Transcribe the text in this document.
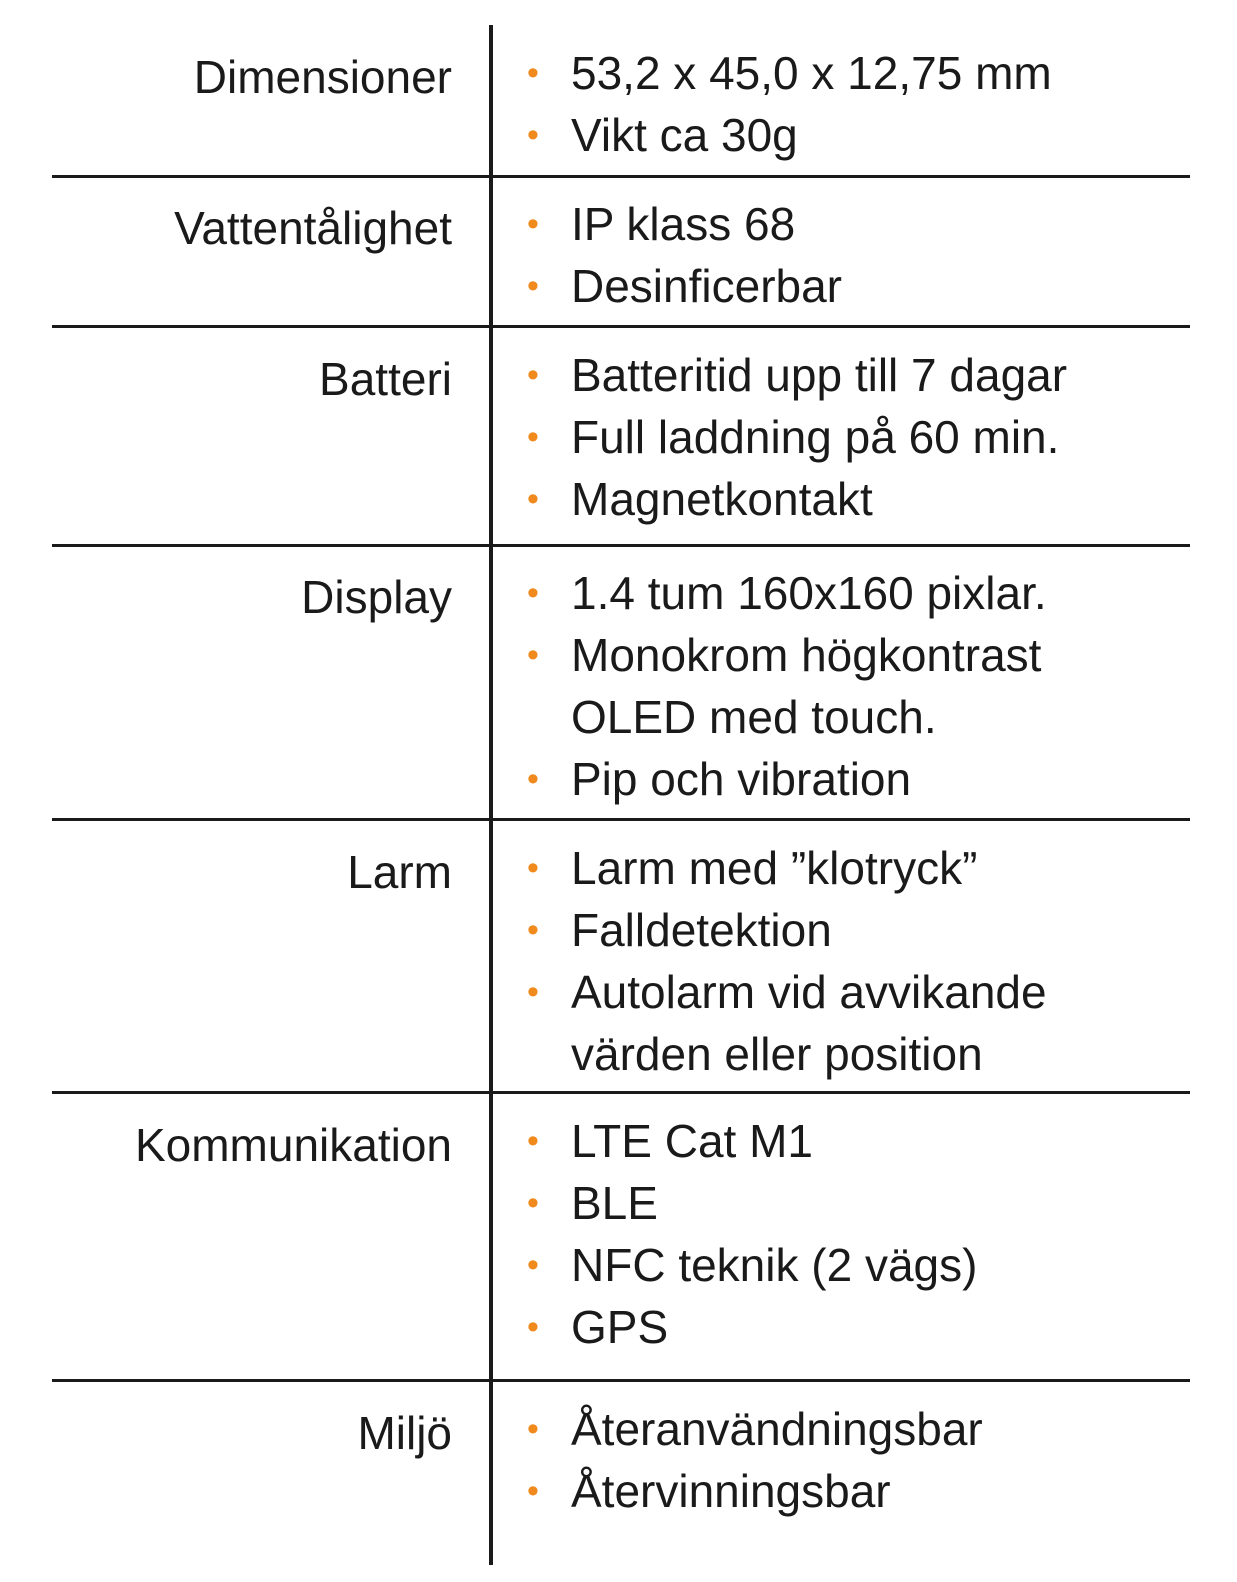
Dimensioner • 53,2 x 45,0 x 12,75 mm
• Vikt ca 30g
Vattentålighet • IP klass 68
• Desinficerbar
Batteri • Batteritid upp till 7 dagar
• Full laddning på 60 min.
• Magnetkontakt
Display • 1.4 tum 160x160 pixlar.
• Monokrom högkontrast
OLED med touch.
• Pip och vibration
Larm • Larm med ”klotryck”
• Falldetektion
• Autolarm vid avvikande
värden eller position
Kommunikation • LTE Cat M1
• BLE
• NFC teknik (2 vägs)
• GPS
Miljö • Återanvändningsbar
• Återvinningsbar
